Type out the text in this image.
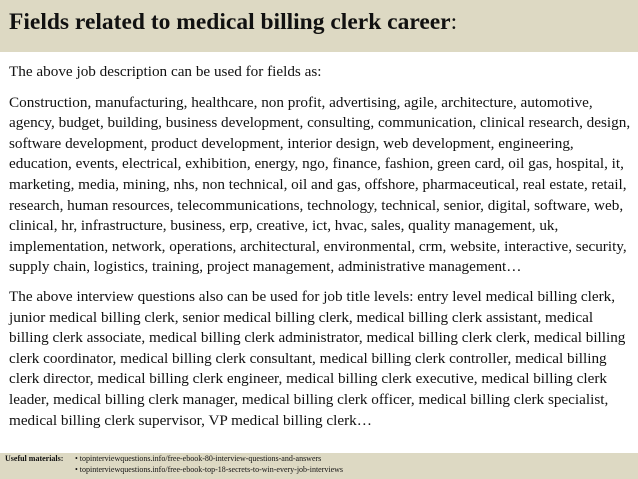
Fields related to medical billing clerk career:

The above job description can be used for fields as:

Construction, manufacturing, healthcare, non profit, advertising, agile, architecture, automotive, agency, budget, building, business development, consulting, communication, clinical research, design, software development, product development, interior design, web development, engineering, education, events, electrical, exhibition, energy, ngo, finance, fashion, green card, oil gas, hospital, it, marketing, media, mining, nhs, non technical, oil and gas, offshore, pharmaceutical, real estate, retail, research, human resources, telecommunications, technology, technical, senior, digital, software, web, clinical, hr, infrastructure, business, erp, creative, ict, hvac, sales, quality management, uk, implementation, network, operations, architectural, environmental, crm, website, interactive, security, supply chain, logistics, training, project management, administrative management…

The above interview questions also can be used for job title levels: entry level medical billing clerk, junior medical billing clerk, senior medical billing clerk, medical billing clerk assistant, medical billing clerk associate, medical billing clerk administrator, medical billing clerk clerk, medical billing clerk coordinator, medical billing clerk consultant, medical billing clerk controller, medical billing clerk director, medical billing clerk engineer, medical billing clerk executive, medical billing clerk leader, medical billing clerk manager, medical billing clerk officer, medical billing clerk specialist, medical billing clerk supervisor, VP medical billing clerk…

Useful materials:	• topinterviewquestions.info/free-ebook-80-interview-questions-and-answers
• topinterviewquestions.info/free-ebook-top-18-secrets-to-win-every-job-interviews
